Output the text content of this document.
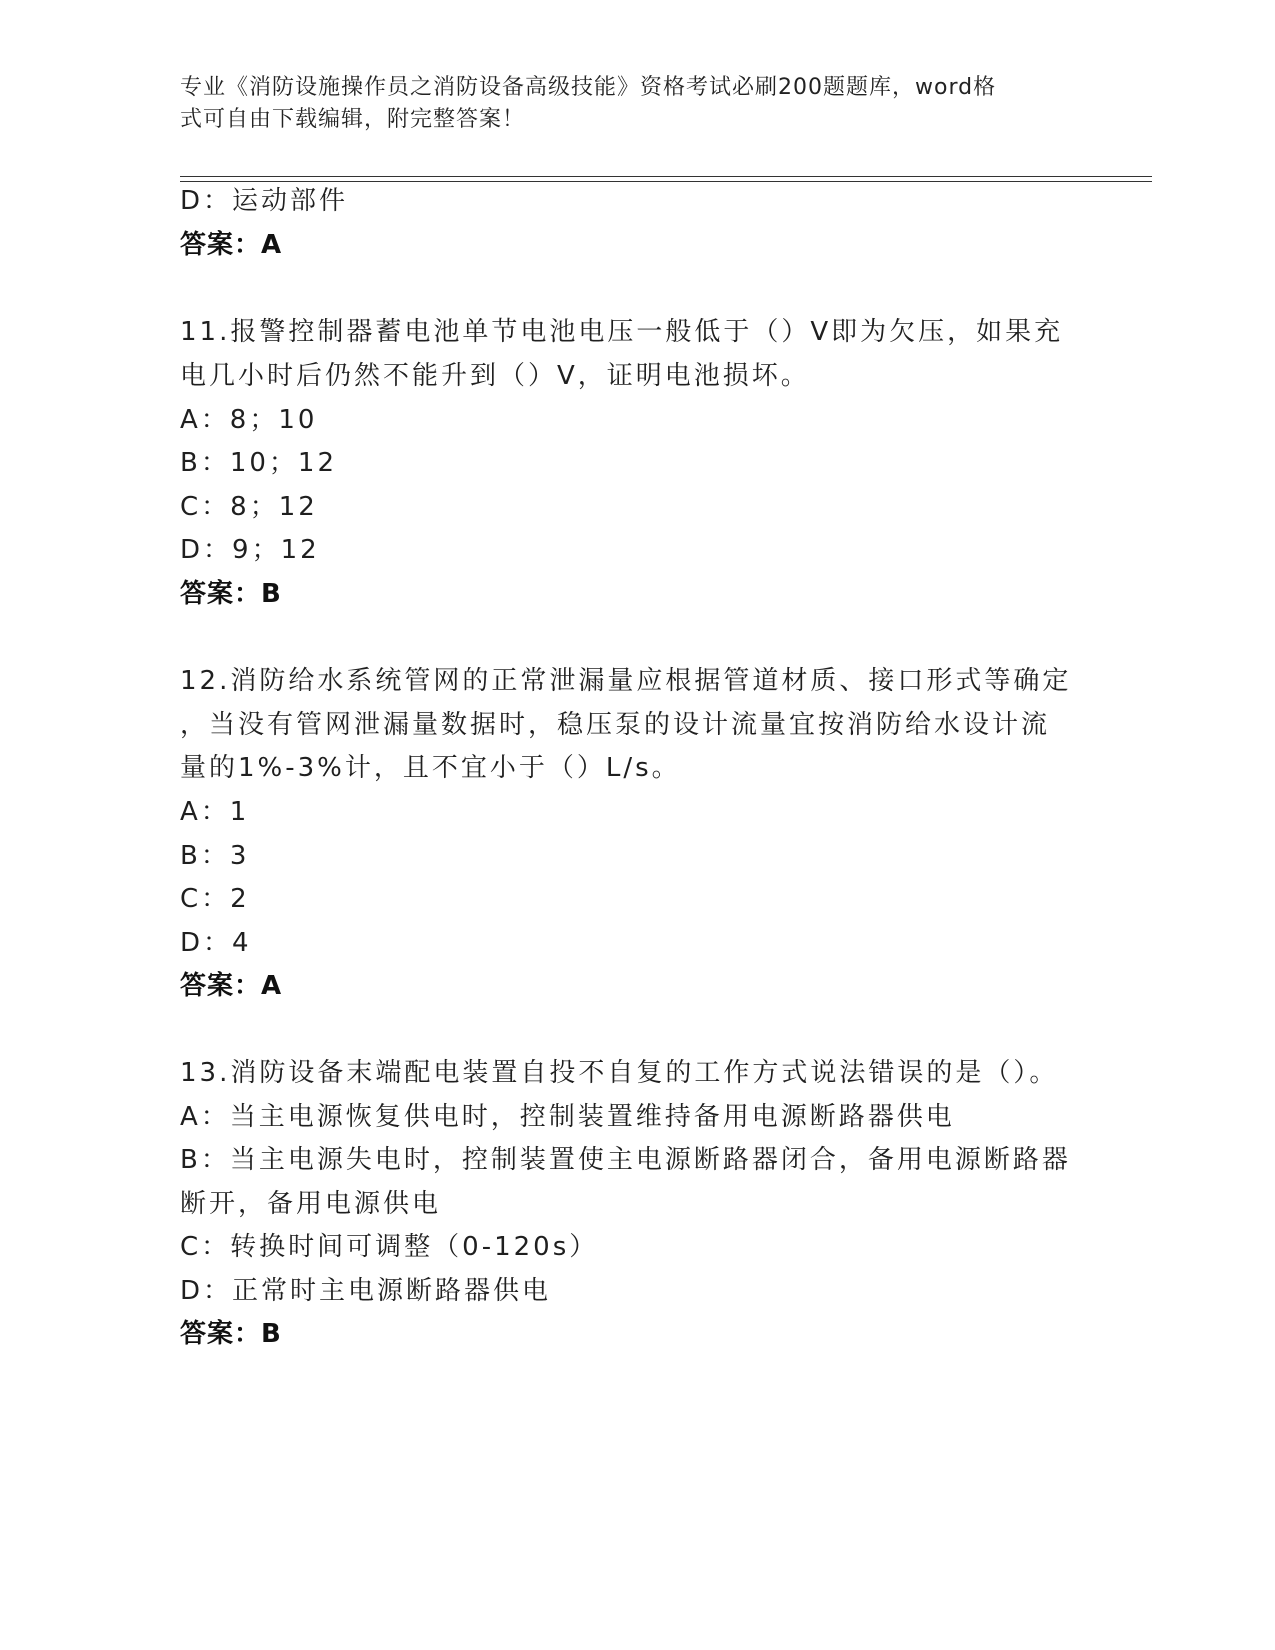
专业《消防设施操作员之消防设备高级技能》资格考试必刷200题题库，word格
式可自由下载编辑，附完整答案！
D：运动部件
答案：A
11.报警控制器蓄电池单节电池电压一般低于（）V即为欠压，如果充
电几小时后仍然不能升到（）V，证明电池损坏。
A：8；10
B：10；12
C：8；12
D：9；12
答案：B
12.消防给水系统管网的正常泄漏量应根据管道材质、接口形式等确定
，当没有管网泄漏量数据时，稳压泵的设计流量宜按消防给水设计流
量的1%-3%计，且不宜小于（）L/s。
A：1
B：3
C：2
D：4
答案：A
13.消防设备末端配电装置自投不自复的工作方式说法错误的是（）。
A：当主电源恢复供电时，控制装置维持备用电源断路器供电
B：当主电源失电时，控制装置使主电源断路器闭合，备用电源断路器
断开，备用电源供电
C：转换时间可调整（0-120s）
D：正常时主电源断路器供电
答案：B
